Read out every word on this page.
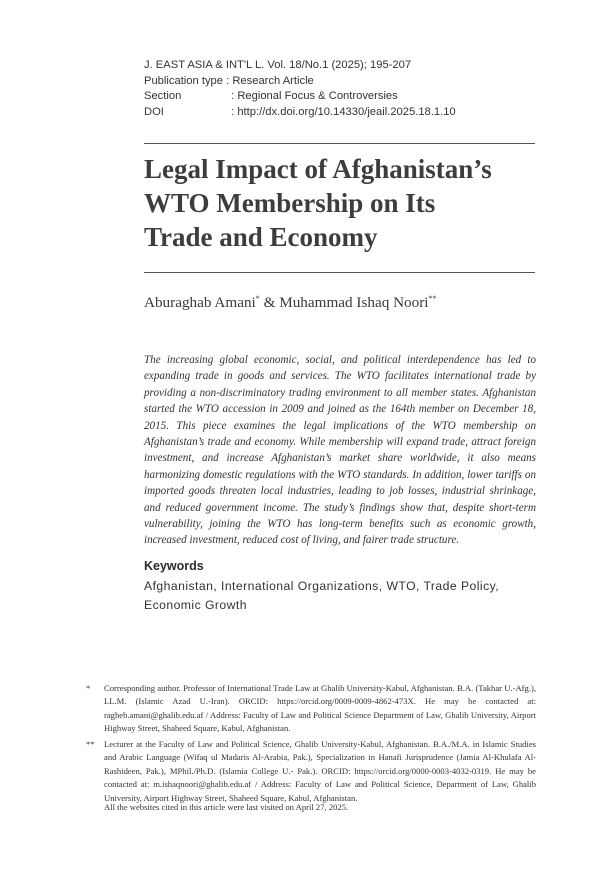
J. EAST ASIA & INT'L L. Vol. 18/No.1 (2025); 195-207
Publication type : Research Article
Section	: Regional Focus & Controversies
DOI	: http://dx.doi.org/10.14330/jeail.2025.18.1.10
Legal Impact of Afghanistan’s
WTO Membership on Its
Trade and Economy
Aburaghab Amani* & Muhammad Ishaq Noori**
The increasing global economic, social, and political interdependence has led to expanding trade in goods and services. The WTO facilitates international trade by providing a non-discriminatory trading environment to all member states. Afghanistan started the WTO accession in 2009 and joined as the 164th member on December 18, 2015. This piece examines the legal implications of the WTO membership on Afghanistan’s trade and economy. While membership will expand trade, attract foreign investment, and increase Afghanistan’s market share worldwide, it also means harmonizing domestic regulations with the WTO standards. In addition, lower tariffs on imported goods threaten local industries, leading to job losses, industrial shrinkage, and reduced government income. The study’s findings show that, despite short-term vulnerability, joining the WTO has long-term benefits such as economic growth, increased investment, reduced cost of living, and fairer trade structure.
Keywords
Afghanistan, International Organizations, WTO, Trade Policy, Economic Growth
* Corresponding author. Professor of International Trade Law at Ghalib University-Kabul, Afghanistan. B.A. (Takhar U.-Afg.), LL.M. (Islamic Azad U.-Iran). ORCID: https://orcid.org/0009-0009-4862-473X. He may be contacted at: ragheb.amani@ghalib.edu.af / Address: Faculty of Law and Political Science Department of Law, Ghalib University, Airport Highway Street, Shaheed Square, Kabul, Afghanistan.
** Lecturer at the Faculty of Law and Political Science, Ghalib University-Kabul, Afghanistan. B.A./M.A. in Islamic Studies and Arabic Language (Wifaq ul Madaris Al-Arabia, Pak.), Specialization in Hanafi Jurisprudence (Jamia Al-Khulafa Al-Rashideen, Pak.), MPhil./Ph.D. (Islamia College U.- Pak.). ORCID: https://orcid.org/0000-0003-4032-0319. He may be contacted at: m.ishaqnoori@ghalib.edu.af / Address: Faculty of Law and Political Science, Department of Law, Ghalib University, Airport Highway Street, Shaheed Square, Kabul, Afghanistan.
All the websites cited in this article were last visited on April 27, 2025.
